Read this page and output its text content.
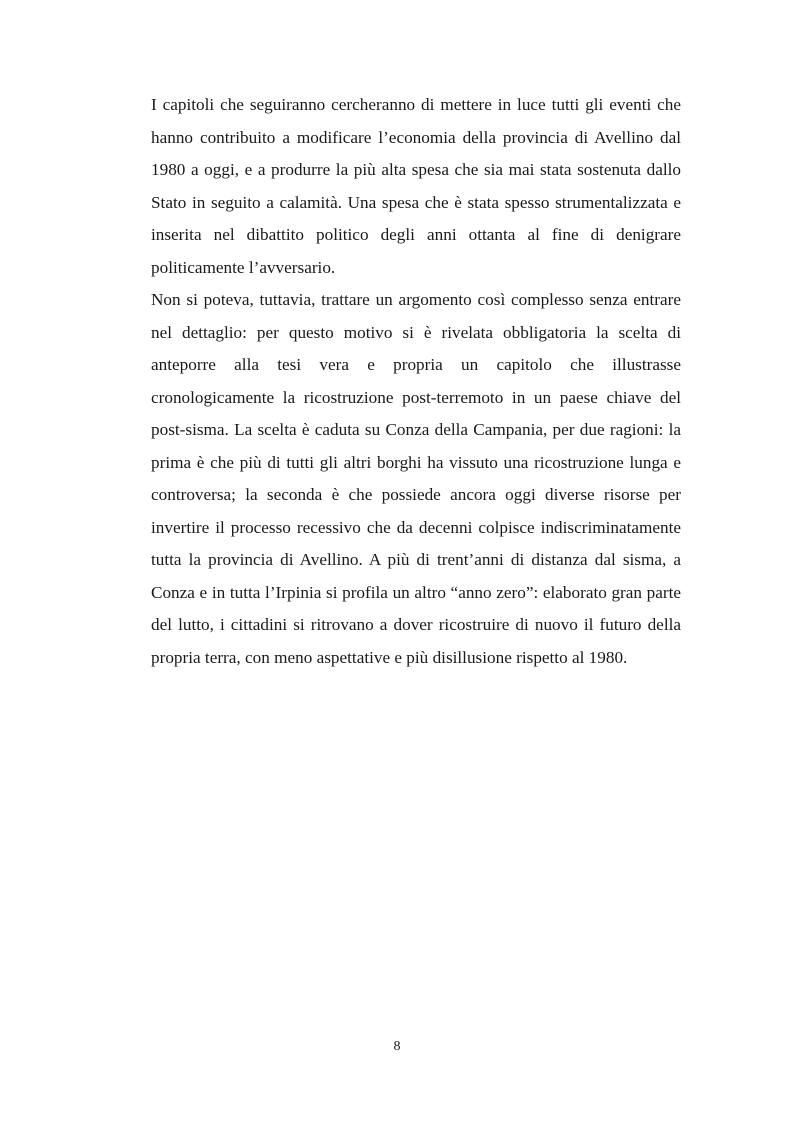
I capitoli che seguiranno cercheranno di mettere in luce tutti gli eventi che hanno contribuito a modificare l’economia della provincia di Avellino dal 1980 a oggi, e a produrre la più alta spesa che sia mai stata sostenuta dallo Stato in seguito a calamità. Una spesa che è stata spesso strumentalizzata e inserita nel dibattito politico degli anni ottanta al fine di denigrare politicamente l’avversario.

Non si poteva, tuttavia, trattare un argomento così complesso senza entrare nel dettaglio: per questo motivo si è rivelata obbligatoria la scelta di anteporre alla tesi vera e propria un capitolo che illustrasse cronologicamente la ricostruzione post-terremoto in un paese chiave del post-sisma. La scelta è caduta su Conza della Campania, per due ragioni: la prima è che più di tutti gli altri borghi ha vissuto una ricostruzione lunga e controversa; la seconda è che possiede ancora oggi diverse risorse per invertire il processo recessivo che da decenni colpisce indiscriminatamente tutta la provincia di Avellino. A più di trent’anni di distanza dal sisma, a Conza e in tutta l’Irpinia si profila un altro “anno zero”: elaborato gran parte del lutto, i cittadini si ritrovano a dover ricostruire di nuovo il futuro della propria terra, con meno aspettative e più disillusione rispetto al 1980.

8
